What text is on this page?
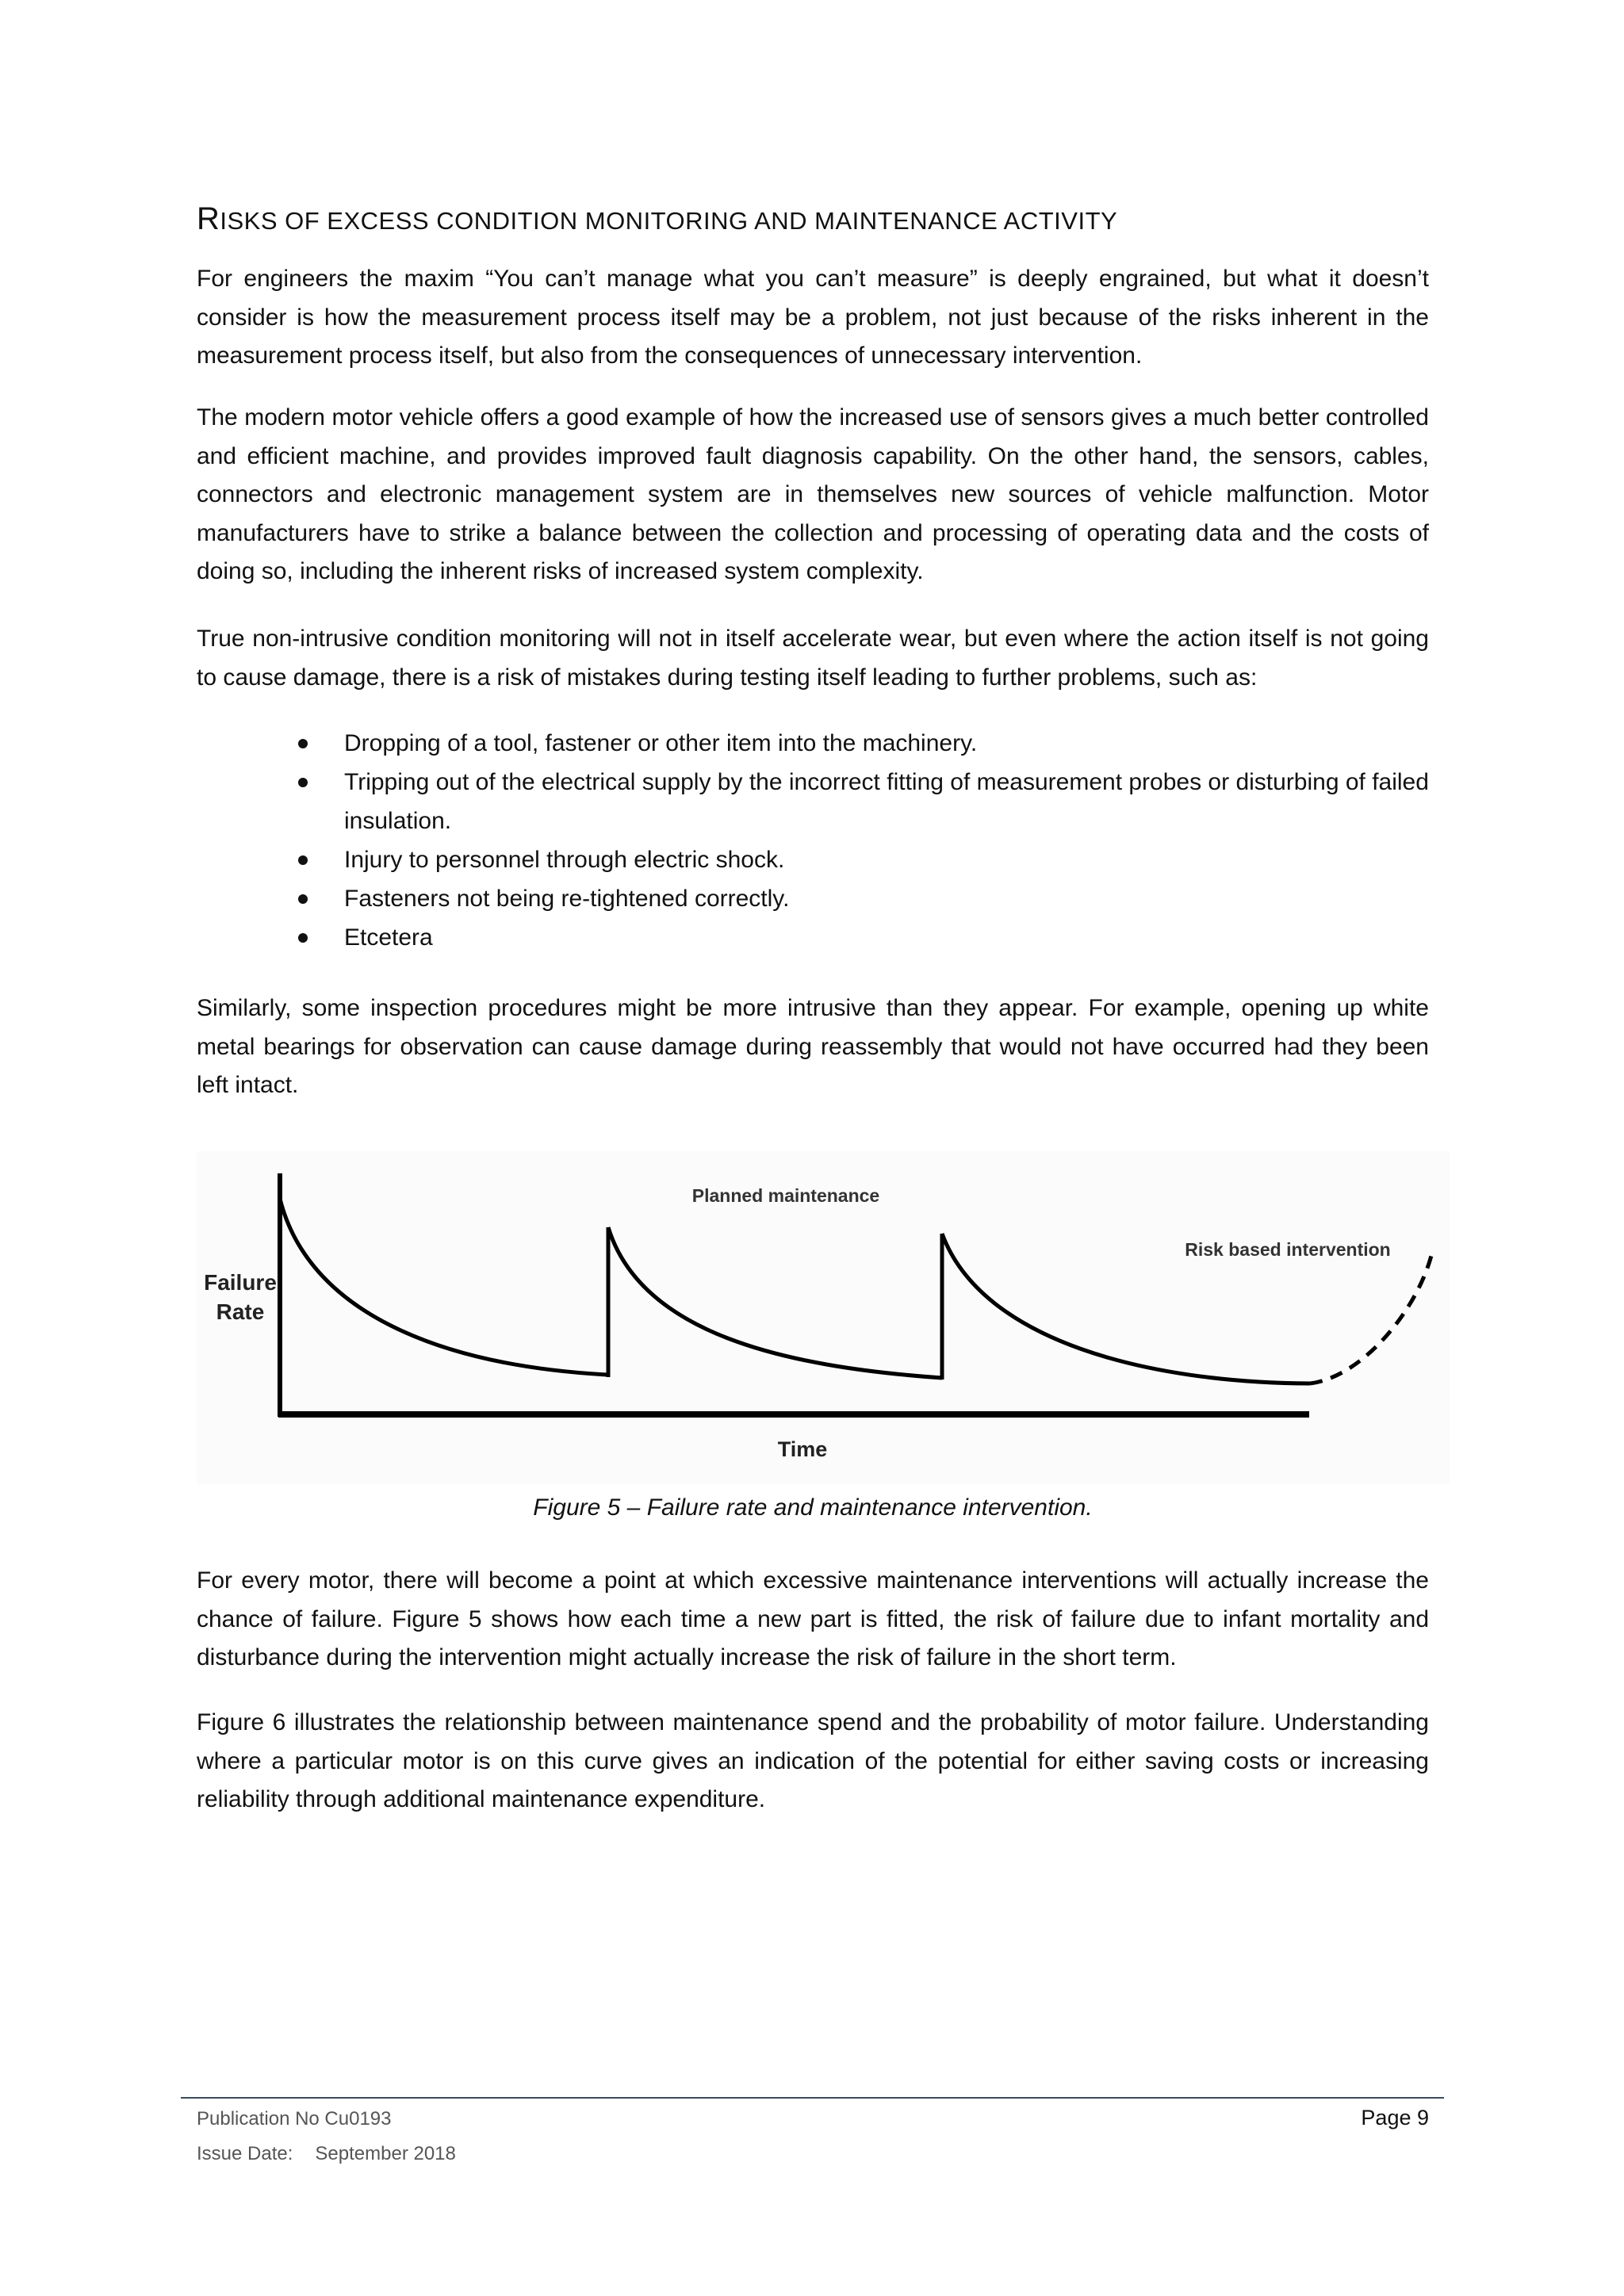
RISKS OF EXCESS CONDITION MONITORING AND MAINTENANCE ACTIVITY

For engineers the maxim “You can’t manage what you can’t measure” is deeply engrained, but what it doesn’t consider is how the measurement process itself may be a problem, not just because of the risks inherent in the measurement process itself, but also from the consequences of unnecessary intervention.

The modern motor vehicle offers a good example of how the increased use of sensors gives a much better controlled and efficient machine, and provides improved fault diagnosis capability. On the other hand, the sensors, cables, connectors and electronic management system are in themselves new sources of vehicle malfunction. Motor manufacturers have to strike a balance between the collection and processing of operating data and the costs of doing so, including the inherent risks of increased system complexity.

True non-intrusive condition monitoring will not in itself accelerate wear, but even where the action itself is not going to cause damage, there is a risk of mistakes during testing itself leading to further problems, such as:

Dropping of a tool, fastener or other item into the machinery.
Tripping out of the electrical supply by the incorrect fitting of measurement probes or disturbing of failed insulation.
Injury to personnel through electric shock.
Fasteners not being re-tightened correctly.
Etcetera

Similarly, some inspection procedures might be more intrusive than they appear. For example, opening up white metal bearings for observation can cause damage during reassembly that would not have occurred had they been left intact.

Failure
Rate
Time
Planned maintenance
Risk based intervention
Figure 5 – Failure rate and maintenance intervention.

For every motor, there will become a point at which excessive maintenance interventions will actually increase the chance of failure. Figure 5 shows how each time a new part is fitted, the risk of failure due to infant mortality and disturbance during the intervention might actually increase the risk of failure in the short term.

Figure 6 illustrates the relationship between maintenance spend and the probability of motor failure. Understanding where a particular motor is on this curve gives an indication of the potential for either saving costs or increasing reliability through additional maintenance expenditure.

Publication No Cu0193
Issue Date: September 2018
Page 9
